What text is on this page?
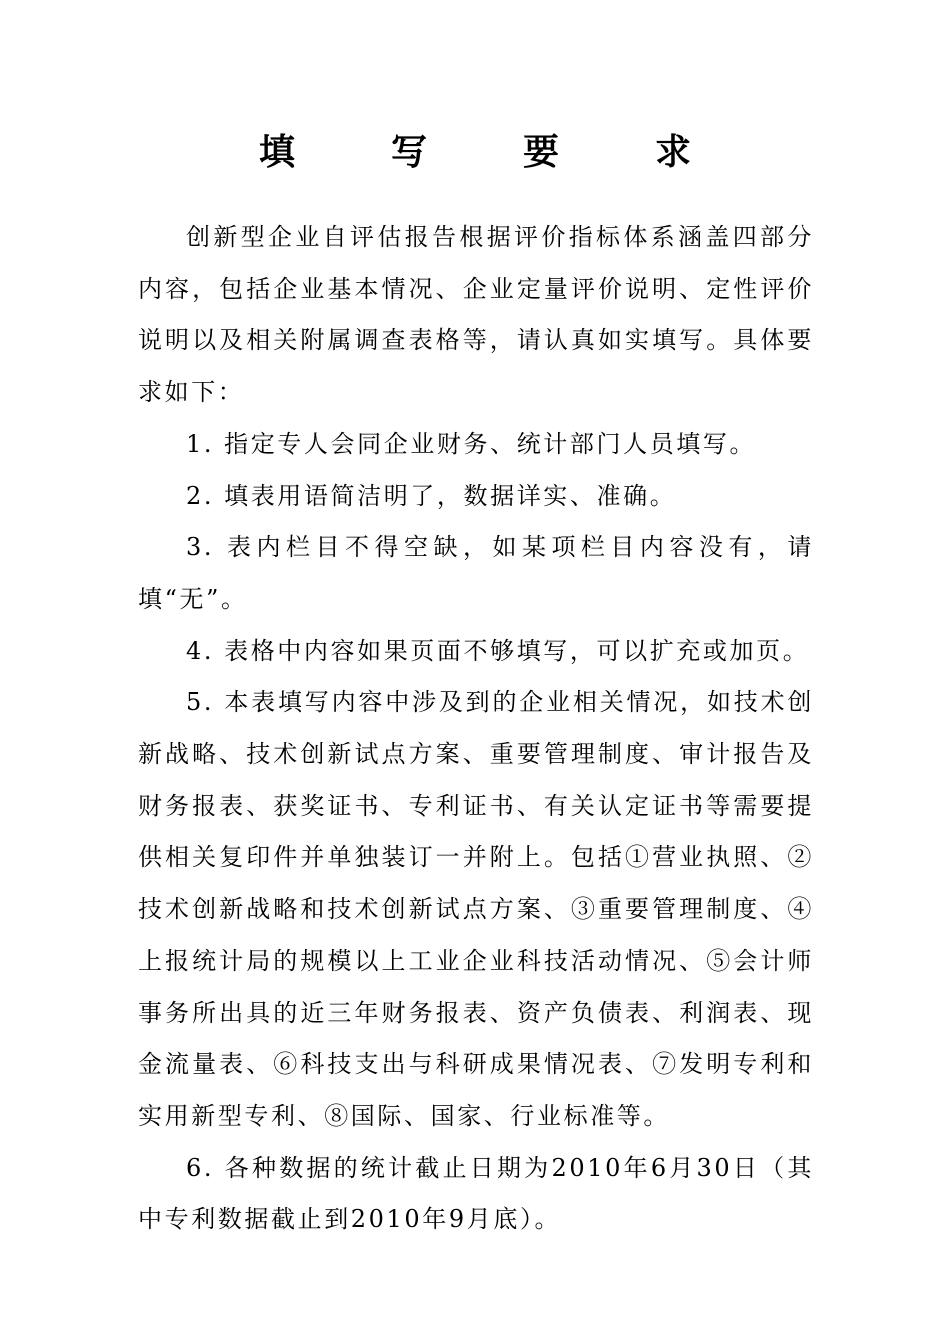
填　写　要　求

创新型企业自评估报告根据评价指标体系涵盖四部分内容，包括企业基本情况、企业定量评价说明、定性评价说明以及相关附属调查表格等，请认真如实填写。具体要求如下：

1. 指定专人会同企业财务、统计部门人员填写。

2. 填表用语简洁明了，数据详实、准确。

3. 表内栏目不得空缺，如某项栏目内容没有，请填“无”。

4. 表格中内容如果页面不够填写，可以扩充或加页。

5. 本表填写内容中涉及到的企业相关情况，如技术创新战略、技术创新试点方案、重要管理制度、审计报告及财务报表、获奖证书、专利证书、有关认定证书等需要提供相关复印件并单独装订一并附上。包括①营业执照、②技术创新战略和技术创新试点方案、③重要管理制度、④上报统计局的规模以上工业企业科技活动情况、⑤会计师事务所出具的近三年财务报表、资产负债表、利润表、现金流量表、⑥科技支出与科研成果情况表、⑦发明专利和实用新型专利、⑧国际、国家、行业标准等。

6. 各种数据的统计截止日期为2010年6月30日（其中专利数据截止到2010年9月底）。
